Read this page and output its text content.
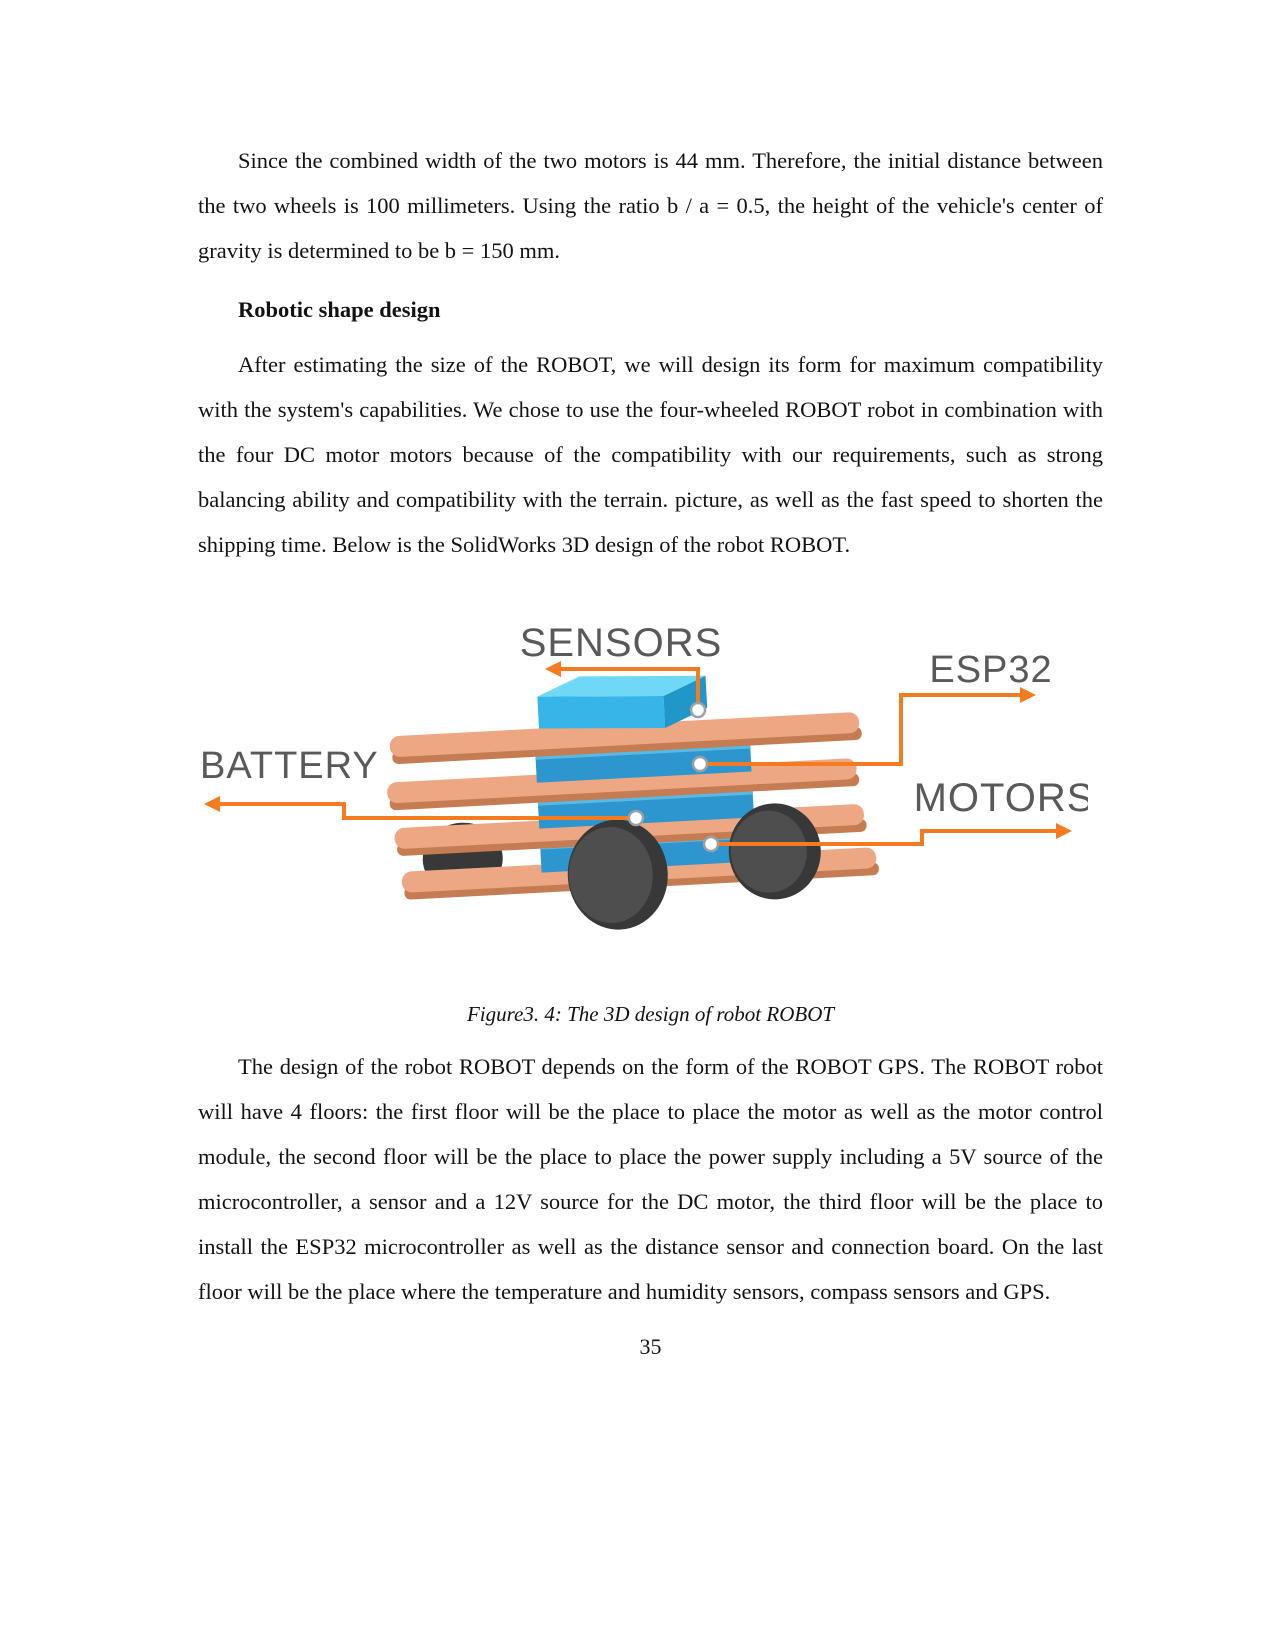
Since the combined width of the two motors is 44 mm. Therefore, the initial distance between the two wheels is 100 millimeters. Using the ratio b / a = 0.5, the height of the vehicle's center of gravity is determined to be b = 150 mm.

Robotic shape design

After estimating the size of the ROBOT, we will design its form for maximum compatibility with the system's capabilities. We chose to use the four-wheeled ROBOT robot in combination with the four DC motor motors because of the compatibility with our requirements, such as strong balancing ability and compatibility with the terrain. picture, as well as the fast speed to shorten the shipping time. Below is the SolidWorks 3D design of the robot ROBOT.

SENSORS
ESP32
BATTERY
MOTORS
Figure3. 4: The 3D design of robot ROBOT

The design of the robot ROBOT depends on the form of the ROBOT GPS. The ROBOT robot will have 4 floors: the first floor will be the place to place the motor as well as the motor control module, the second floor will be the place to place the power supply including a 5V source of the microcontroller, a sensor and a 12V source for the DC motor, the third floor will be the place to install the ESP32 microcontroller as well as the distance sensor and connection board. On the last floor will be the place where the temperature and humidity sensors, compass sensors and GPS.

35
